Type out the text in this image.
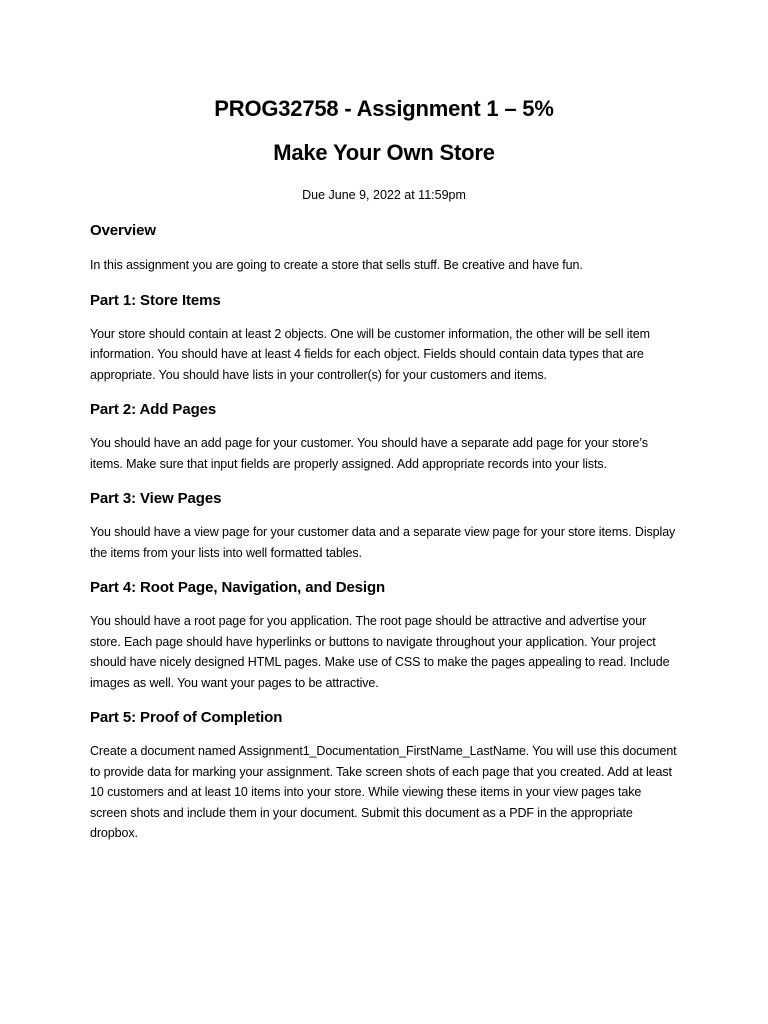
PROG32758 - Assignment 1 – 5%
Make Your Own Store

Due June 9, 2022 at 11:59pm

Overview

In this assignment you are going to create a store that sells stuff. Be creative and have fun.

Part 1: Store Items

Your store should contain at least 2 objects. One will be customer information, the other will be sell item information. You should have at least 4 fields for each object. Fields should contain data types that are appropriate. You should have lists in your controller(s) for your customers and items.

Part 2: Add Pages

You should have an add page for your customer. You should have a separate add page for your store’s items. Make sure that input fields are properly assigned. Add appropriate records into your lists.

Part 3: View Pages

You should have a view page for your customer data and a separate view page for your store items. Display the items from your lists into well formatted tables.

Part 4: Root Page, Navigation, and Design

You should have a root page for you application. The root page should be attractive and advertise your store. Each page should have hyperlinks or buttons to navigate throughout your application. Your project should have nicely designed HTML pages. Make use of CSS to make the pages appealing to read. Include images as well. You want your pages to be attractive.

Part 5: Proof of Completion

Create a document named Assignment1_Documentation_FirstName_LastName. You will use this document to provide data for marking your assignment. Take screen shots of each page that you created. Add at least 10 customers and at least 10 items into your store. While viewing these items in your view pages take screen shots and include them in your document. Submit this document as a PDF in the appropriate dropbox.
